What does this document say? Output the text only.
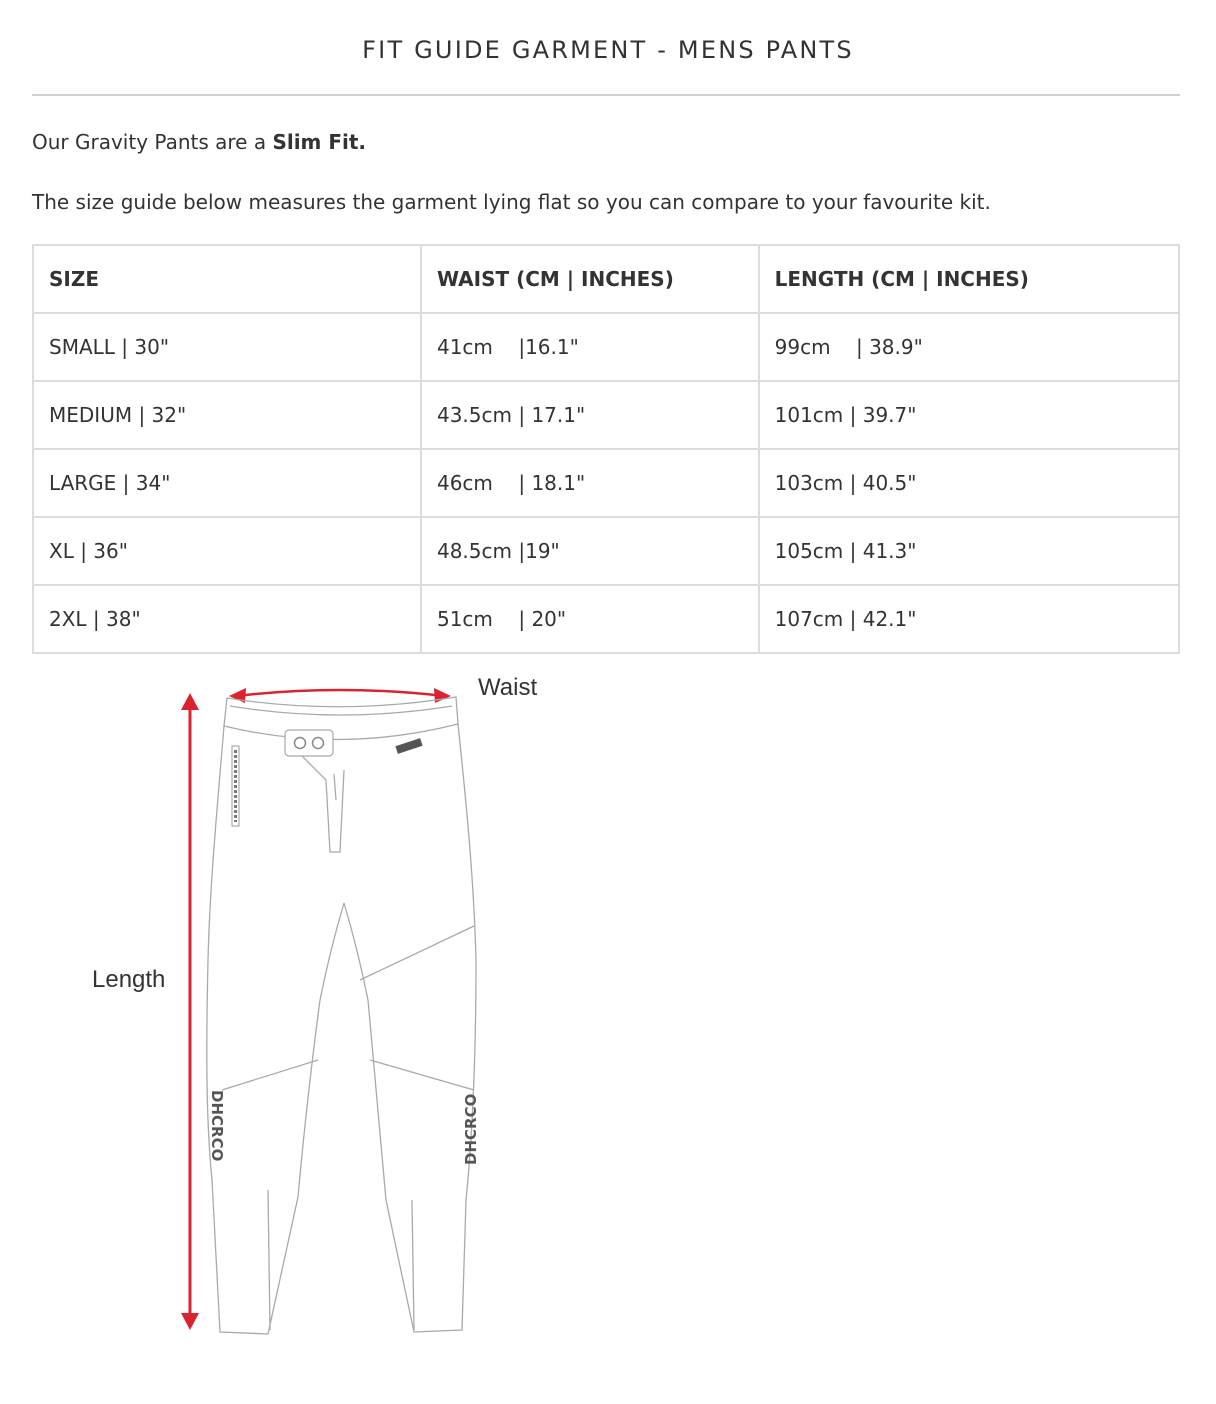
FIT GUIDE GARMENT - MENS PANTS

Our Gravity Pants are a Slim Fit.

The size guide below measures the garment lying flat so you can compare to your favourite kit.

SIZE	WAIST (CM | INCHES)	LENGTH (CM | INCHES)
SMALL | 30"	41cm    |16.1"	99cm    | 38.9"
MEDIUM | 32"	43.5cm | 17.1"	101cm | 39.7"
LARGE | 34"	46cm    | 18.1"	103cm | 40.5"
XL | 36"	48.5cm |19"	105cm | 41.3"
2XL | 38"	51cm    | 20"	107cm | 42.1"
Waist
Length
DHCRCO	DHCRCO
